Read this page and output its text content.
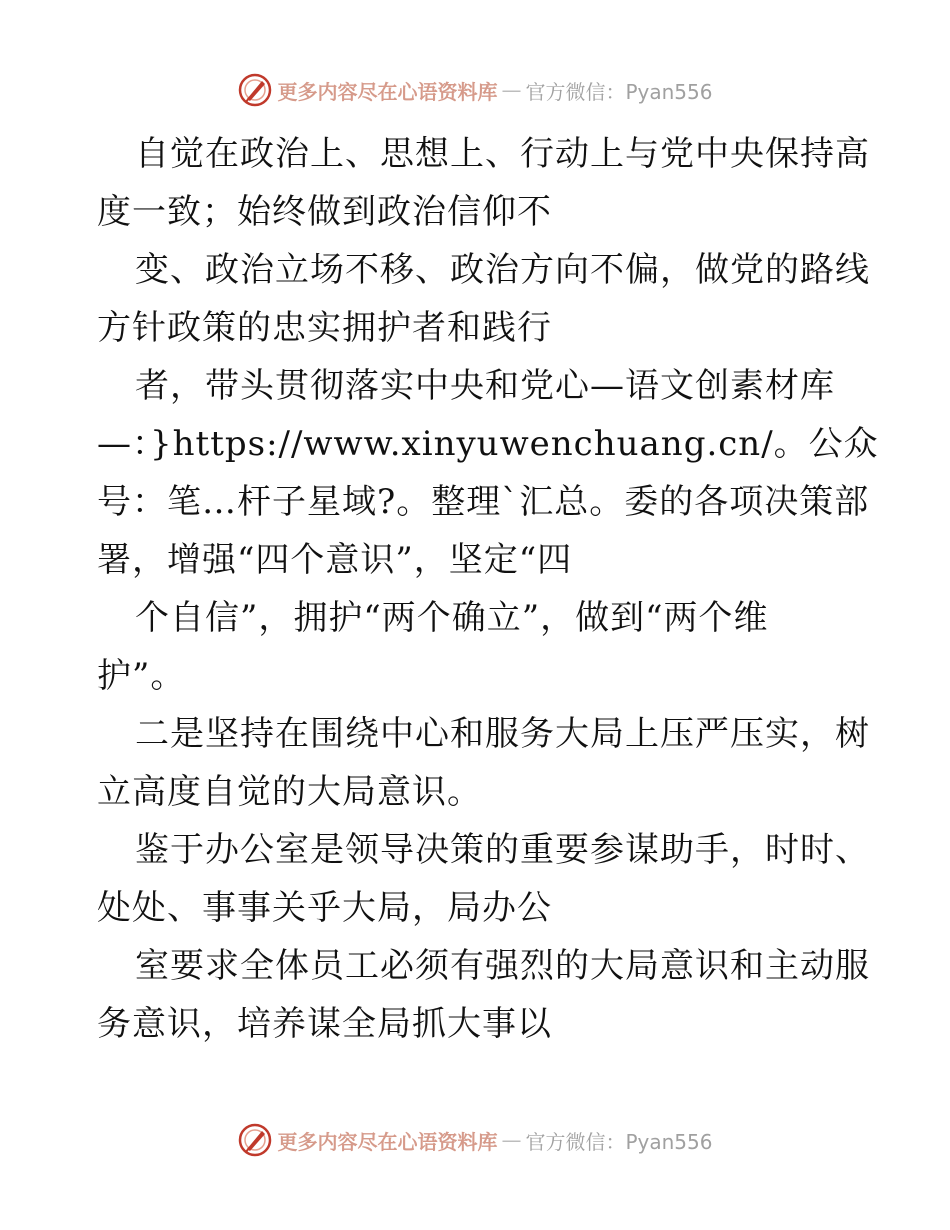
更多内容尽在心语资料库 — 官方微信：Pyan556
自觉在政治上、思想上、行动上与党中央保持高
度一致；始终做到政治信仰不
变、政治立场不移、政治方向不偏，做党的路线
方针政策的忠实拥护者和践行
者，带头贯彻落实中央和党心—语文创素材库
—：}https://www.xinyuwenchuang.cn/。公众
号：笔…杆子星域?。整理`汇总。委的各项决策部
署，增强“四个意识”，坚定“四
个自信”，拥护“两个确立”，做到“两个维
护”。
二是坚持在围绕中心和服务大局上压严压实，树
立高度自觉的大局意识。
鉴于办公室是领导决策的重要参谋助手，时时、
处处、事事关乎大局，局办公
室要求全体员工必须有强烈的大局意识和主动服
务意识，培养谋全局抓大事以
更多内容尽在心语资料库 — 官方微信：Pyan556
